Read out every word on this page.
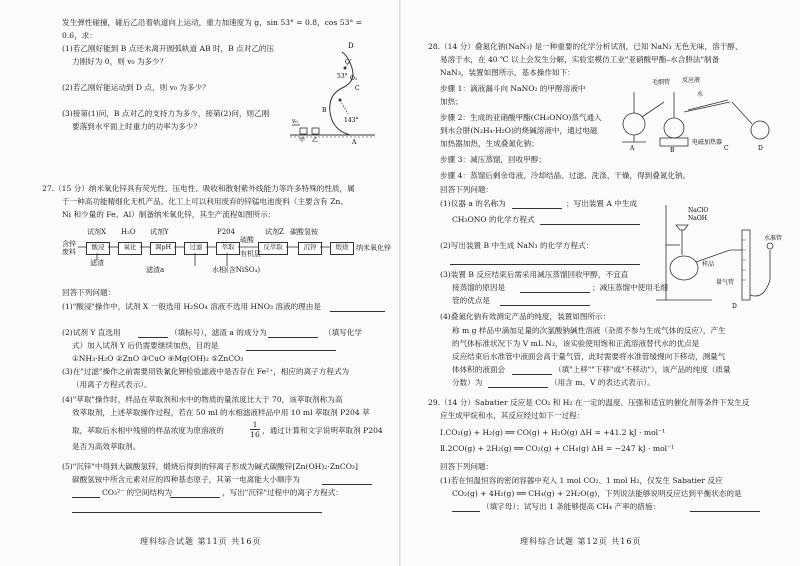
发生弹性碰撞，碰后乙沿着轨道向上运动，重力加速度为 g，sin 53° = 0.8，cos 53° =
0.6，求：
(1)若乙刚好能到 B 点还未离开圆弧轨道 AB 时，B 点对乙的压
力刚好为 0，则 v₀ 为多少？
(2)若乙刚好能运动到 D 点，则 v₀ 为多少？
(3)接第(1)问，B 点对乙的支持力为多少，接第(2)问，则乙刚
要落到水平面上时重力的功率为多少？
D
O
53° O₁
C
B
143°
v₀
甲 乙	A
27.（15 分）纳米氧化锌具有荧光性、压电性、吸收和散射紫外线能力等许多特殊的性质，属
于一种高功能精细化无机产品。化工上可以利用废弃的锌锰电池废料（主要含有 Zn、
Ni 和少量的 Fe、Al）制备纳米氧化锌，其生产流程如图所示：
含锌废料
酸浸	氧化	调pH	过滤	萃取	反萃取	沉锌	煅烧	纳米氧化锌
试剂X H₂O 试剂Y	P204
硫酸
试剂Z 碳酸氢铵
滤渣
有机层
滤渣a	水相(含NiSO₄)
回答下列问题：
(1)"酸浸"操作中，试剂 X 一般选用 H₂SO₄ 溶液不选用 HNO₃ 溶液的理由是
(2)试剂 Y 直选用	（填标号），滤渣 a 的成分为	（填写化学
式）加入试剂 Y 后仍需要继续加热，目的是
①NH₃·H₂O ②ZnO ③CuO ④Mg(OH)₂ ⑤ZnCO₃
(3)在"过滤"操作之前需要用铁氰化钾检验滤液中是否存在 Fe²⁺，相应的离子方程式为
（用离子方程式表示）。
(4)"萃取"操作时，样品在萃取剂和水中的物质的量浓度比大于 70，该萃取剂称为高
效萃取剂，上述萃取操作过程，若在 50 ml 的水相滤液样品中用 10 ml 萃取剂 P204 萃
取，萃取后水相中残留的样品浓度为原溶液的
1
16 ，通过计算和文字说明萃取剂 P204
是否为高效萃取剂。
(5)"沉锌"中得到大碳酸氢锌，煅烧后得到的锌离子形成为碱式碳酸锌[Zn(OH)₂·ZnCO₃]
碳酸氢铵中所含元素对应的四种基态原子，其第一电离能大小顺序为
CO₃²⁻ 的空间结构为	，写出"沉锌"过程中的离子方程式：
理科综合试题 第11页 共16页
28.（14 分）叠氮化钠(NaN₃) 是一种重要的化学分析试剂，已知 NaN₃ 无色无味，溶于醇、
易溶于水，在 40 ℃ 以上会发生分解，实验室模仿工业"亚硝酸甲酯–水合肼法"制备
NaN₃，装置如图所示，基本操作如下：
步骤 1：滴液漏斗向 NaNO₂ 的甲醇溶液中
加热；
步骤 2：生成的亚硝酸甲酯(CH₃ONO)蒸气通入
到水合肼(N₂H₄·H₂O)的烧碱溶液中，通过电磁
加热器加热，生成叠氮化钠；
步骤 3：减压蒸馏，回收甲醇；
步骤 4：蒸馏后剩余母液，冷却结晶、过滤、洗涤、干燥，得到叠氮化钠。
回答下列问题：
毛细管
水
反应液
电磁加热器
A	B	C	D
(1)仪器 a 的名称为	；写出装置 A 中生成
CH₃ONO 的化学方程式
(2)写出装置 B 中生成 NaN₃ 的化学方程式：
(3)装置 B 反应结束后需采用减压蒸馏回收甲醇，不宜直
接蒸馏的原因是	；减压蒸馏中使用毛细
管的优点是
NaClO
NaOH
样品
水准管
量气管
D
(4)叠氮化钠有效测定产品的纯度，装置如图所示：
称 m g 样品中滴加足量的次氯酸钠碱性溶液（杂质不参与生成气体的反应），产生
的气体标准状况下为 V mL N₂，该实验使用饱和正流溶液替代水的优点是
反应结束后水准管中液面会高于量气管，此时需要将水准管缓慢向下移动，测量气
体体积的液面会	（填"上移""下移"或"不移动"），该产品的纯度（质量
分数）为	（用含 m、V 的表达式表示）。
29.（14 分）Sabatier 反应是 CO₂ 和 H₂ 在一定的温度、压强和适宜的催化剂等条件下发生反
应生成甲烷和水，其反应经过如下一过程：
Ⅰ.CO₂(g) + H₂(g) ══ CO(g) + H₂O(g) ΔH = +41.2 kJ · mol⁻¹
Ⅱ.2CO(g) + 2H₂(g) ══ CO₂(g) + CH₄(g) ΔH = −247 kJ · mol⁻¹
回答下列问题：
(1)若在恒温恒容的密闭容器中充入 1 mol CO₂、1 mol H₂，仅发生 Sabatier 反应
CO₂(g) + 4H₂(g) ══ CH₄(g) + 2H₂O(g)，下列说法能够说明反应达到平衡状态的是
（填字母）；试写出 1 条能够提高 CH₄ 产率的措施：
理科综合试题 第12页 共16页
